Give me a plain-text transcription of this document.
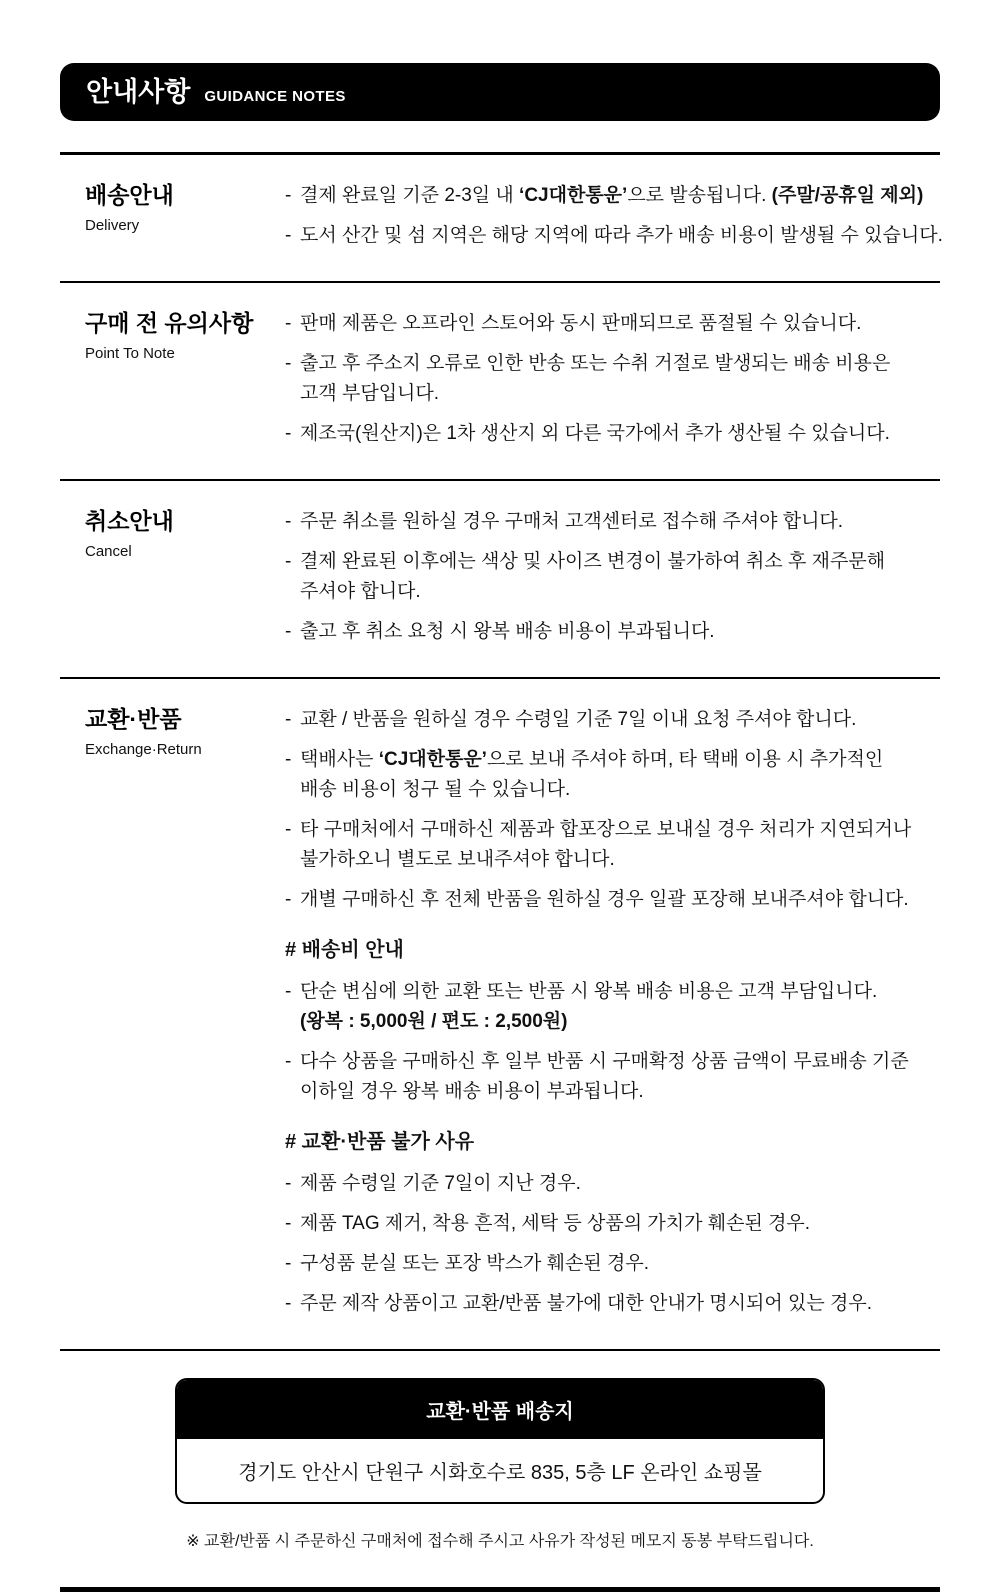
안내사항 GUIDANCE NOTES
배송안내
Delivery
- 결제 완료일 기준 2-3일 내 ‘CJ대한통운’으로 발송됩니다. (주말/공휴일 제외)
- 도서 산간 및 섬 지역은 해당 지역에 따라 추가 배송 비용이 발생될 수 있습니다.
구매 전 유의사항
Point To Note
- 판매 제품은 오프라인 스토어와 동시 판매되므로 품절될 수 있습니다.
- 출고 후 주소지 오류로 인한 반송 또는 수취 거절로 발생되는 배송 비용은
고객 부담입니다.
- 제조국(원산지)은 1차 생산지 외 다른 국가에서 추가 생산될 수 있습니다.
취소안내
Cancel
- 주문 취소를 원하실 경우 구매처 고객센터로 접수해 주셔야 합니다.
- 결제 완료된 이후에는 색상 및 사이즈 변경이 불가하여 취소 후 재주문해
주셔야 합니다.
- 출고 후 취소 요청 시 왕복 배송 비용이 부과됩니다.
교환·반품
Exchange·Return
- 교환 / 반품을 원하실 경우 수령일 기준 7일 이내 요청 주셔야 합니다.
- 택배사는 ‘CJ대한통운’으로 보내 주셔야 하며, 타 택배 이용 시 추가적인
배송 비용이 청구 될 수 있습니다.
- 타 구매처에서 구매하신 제품과 합포장으로 보내실 경우 처리가 지연되거나
불가하오니 별도로 보내주셔야 합니다.
- 개별 구매하신 후 전체 반품을 원하실 경우 일괄 포장해 보내주셔야 합니다.
# 배송비 안내
- 단순 변심에 의한 교환 또는 반품 시 왕복 배송 비용은 고객 부담입니다.
(왕복 : 5,000원 / 편도 : 2,500원)
- 다수 상품을 구매하신 후 일부 반품 시 구매확정 상품 금액이 무료배송 기준
이하일 경우 왕복 배송 비용이 부과됩니다.
# 교환·반품 불가 사유
- 제품 수령일 기준 7일이 지난 경우.
- 제품 TAG 제거, 착용 흔적, 세탁 등 상품의 가치가 훼손된 경우.
- 구성품 분실 또는 포장 박스가 훼손된 경우.
- 주문 제작 상품이고 교환/반품 불가에 대한 안내가 명시되어 있는 경우.
교환·반품 배송지
경기도 안산시 단원구 시화호수로 835, 5층 LF 온라인 쇼핑몰
※ 교환/반품 시 주문하신 구매처에 접수해 주시고 사유가 작성된 메모지 동봉 부탁드립니다.
